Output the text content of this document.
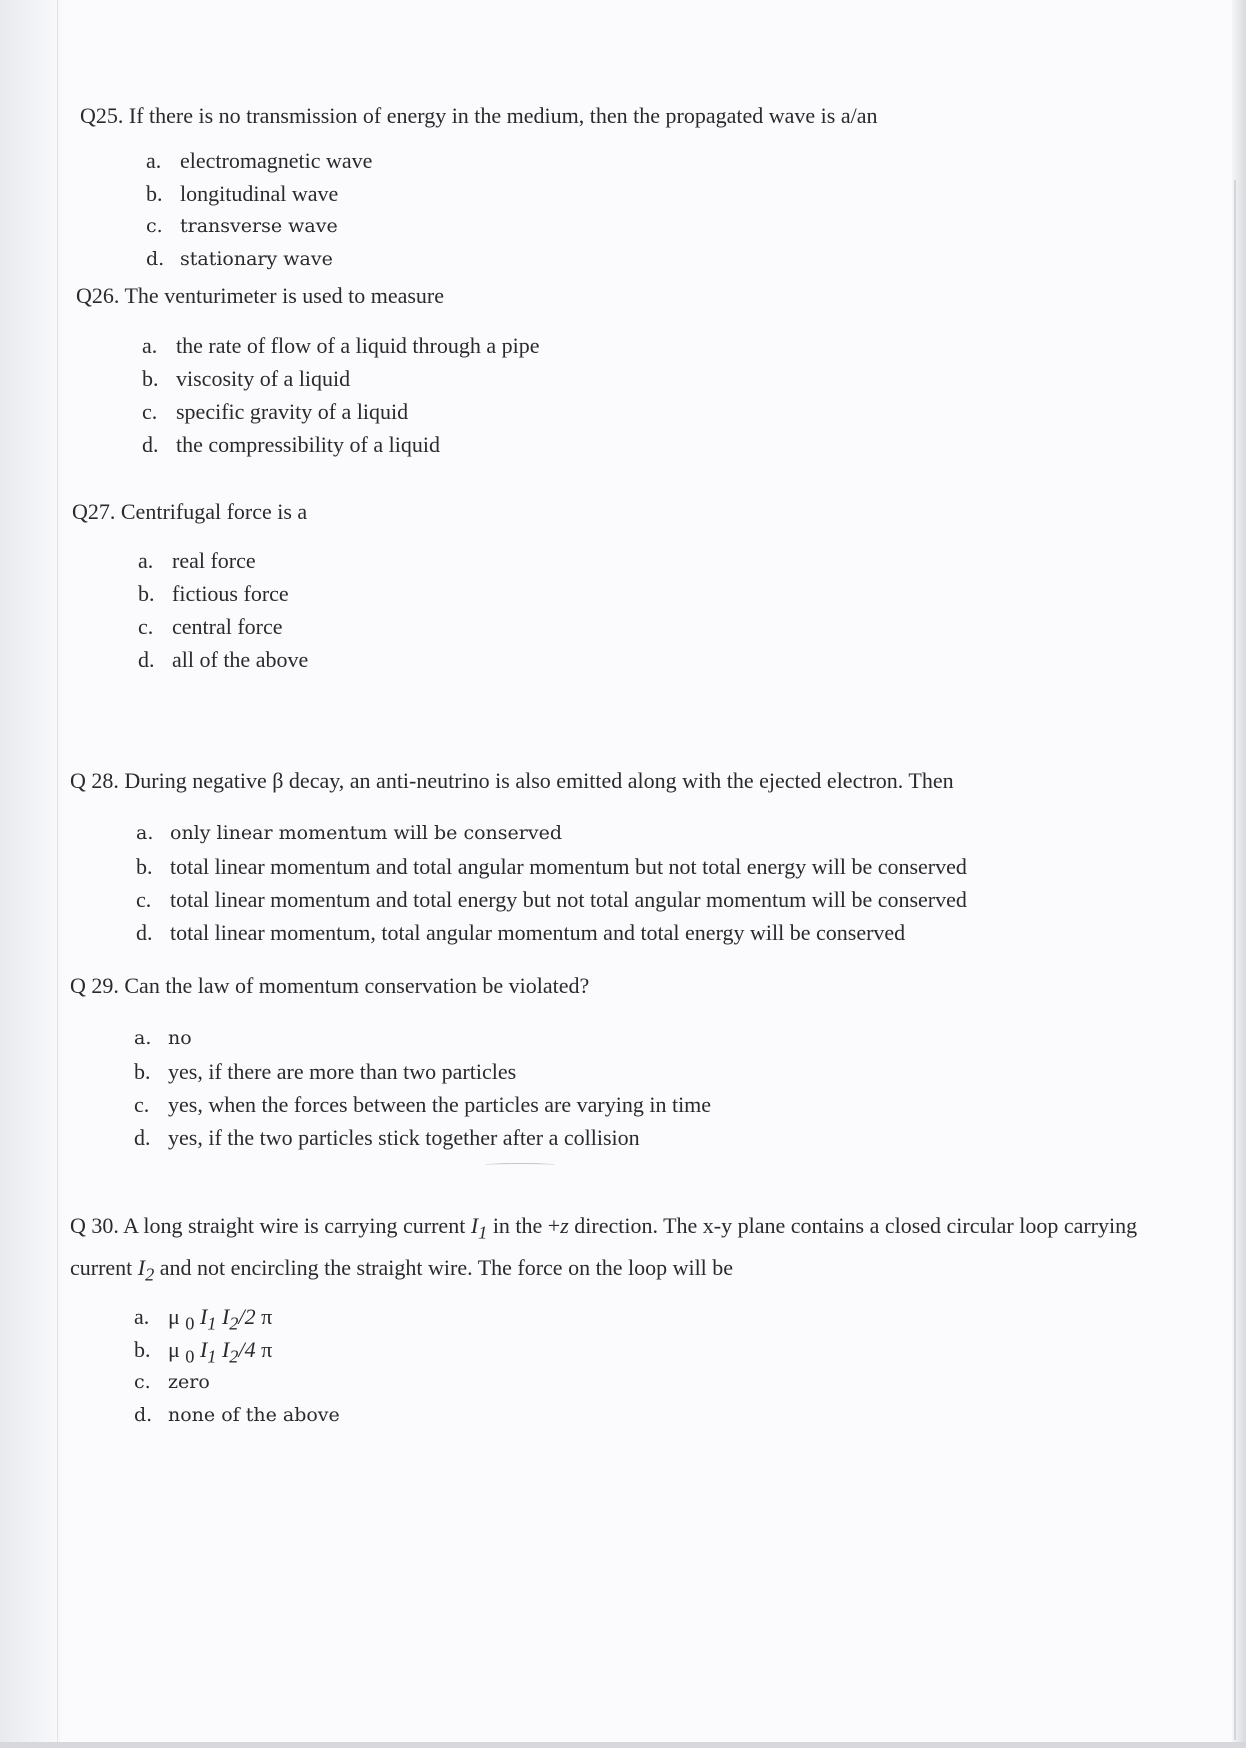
Q25. If there is no transmission of energy in the medium, then the propagated wave is a/an
a. electromagnetic wave
b. longitudinal wave
c. transverse wave
d. stationary wave
Q26. The venturimeter is used to measure
a. the rate of flow of a liquid through a pipe
b. viscosity of a liquid
c. specific gravity of a liquid
d. the compressibility of a liquid
Q27. Centrifugal force is a
a. real force
b. fictious force
c. central force
d. all of the above
Q 28. During negative β decay, an anti-neutrino is also emitted along with the ejected electron. Then
a. only linear momentum will be conserved
b. total linear momentum and total angular momentum but not total energy will be conserved
c. total linear momentum and total energy but not total angular momentum will be conserved
d. total linear momentum, total angular momentum and total energy will be conserved
Q 29. Can the law of momentum conservation be violated?
a. no
b. yes, if there are more than two particles
c. yes, when the forces between the particles are varying in time
d. yes, if the two particles stick together after a collision
Q 30. A long straight wire is carrying current $I_1$ in the +z direction. The x-y plane contains a closed circular loop carrying current $I_2$ and not encircling the straight wire. The force on the loop will be
a. μ $_0$ $I_1$ $I_2/2$ π
b. μ $_0$ $I_1$ $I_2/4$ π
c. zero
d. none of the above
